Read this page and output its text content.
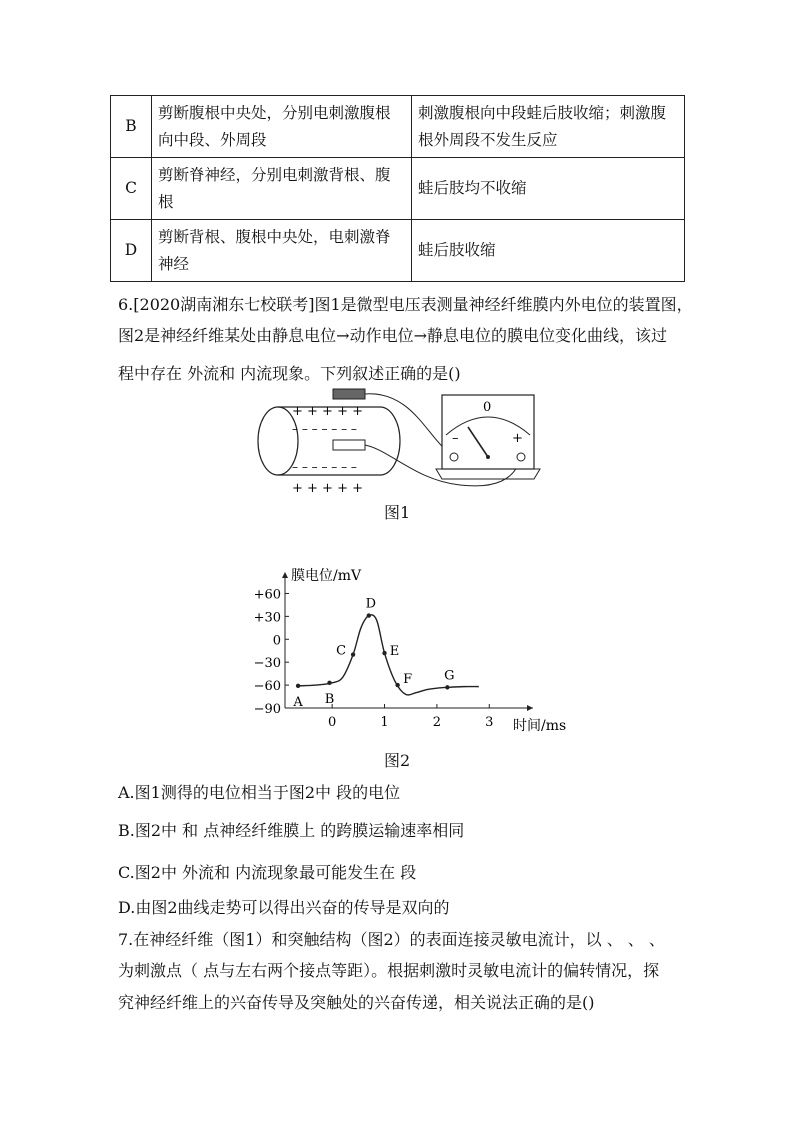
B	剪断腹根中央处，分别电刺激腹根向中段、外周段	刺激腹根向中段蛙后肢收缩；刺激腹根外周段不发生反应
C	剪断脊神经，分别电刺激背根、腹根	蛙后肢均不收缩
D	剪断背根、腹根中央处，电刺激脊神经	蛙后肢收缩
6.[2020湖南湘东七校联考]图1是微型电压表测量神经纤维膜内外电位的装置图，
图2是神经纤维某处由静息电位→动作电位→静息电位的膜电位变化曲线，该过
程中存在 外流和 内流现象。下列叙述正确的是()
+ + + + +
– – – – – – –
– – – – – – –
+ + + + +
0
–	+
图1
膜电位/mV
时间/ms
+60
+30
0
−30
−60
−90
0	1	2	3
A B
C
D
E
F G
图2
A.图1测得的电位相当于图2中 段的电位
B.图2中 和 点神经纤维膜上 的跨膜运输速率相同
C.图2中 外流和 内流现象最可能发生在 段
D.由图2曲线走势可以得出兴奋的传导是双向的
7.在神经纤维（图1）和突触结构（图2）的表面连接灵敏电流计，以 、 、 、
为刺激点（ 点与左右两个接点等距）。根据刺激时灵敏电流计的偏转情况，探
究神经纤维上的兴奋传导及突触处的兴奋传递，相关说法正确的是()
